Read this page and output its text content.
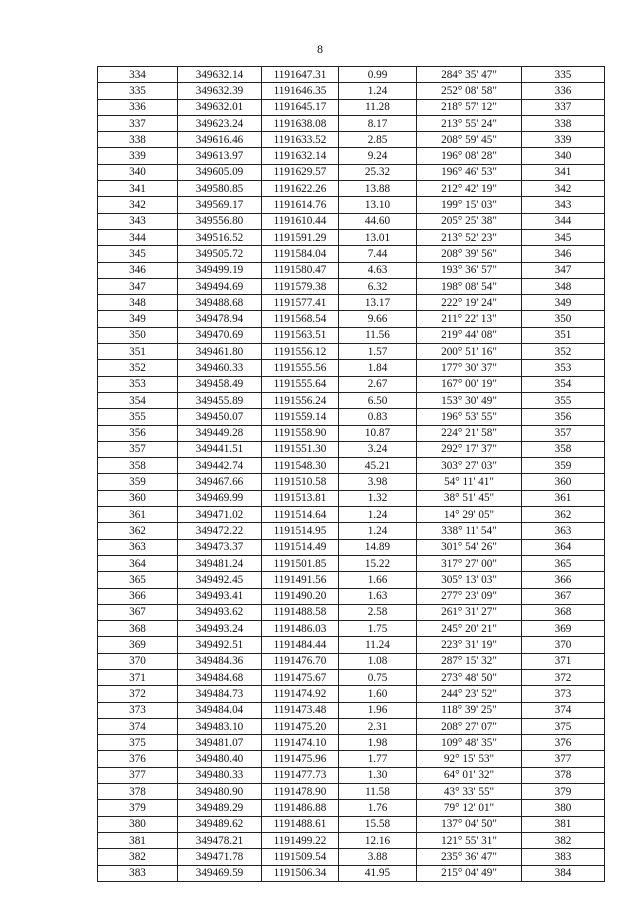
8
334	349632.14	1191647.31	0.99	284° 35' 47"	335
335	349632.39	1191646.35	1.24	252° 08' 58"	336
336	349632.01	1191645.17	11.28	218° 57' 12"	337
337	349623.24	1191638.08	8.17	213° 55' 24"	338
338	349616.46	1191633.52	2.85	208° 59' 45"	339
339	349613.97	1191632.14	9.24	196° 08' 28"	340
340	349605.09	1191629.57	25.32	196° 46' 53"	341
341	349580.85	1191622.26	13.88	212° 42' 19"	342
342	349569.17	1191614.76	13.10	199° 15' 03"	343
343	349556.80	1191610.44	44.60	205° 25' 38"	344
344	349516.52	1191591.29	13.01	213° 52' 23"	345
345	349505.72	1191584.04	7.44	208° 39' 56"	346
346	349499.19	1191580.47	4.63	193° 36' 57"	347
347	349494.69	1191579.38	6.32	198° 08' 54"	348
348	349488.68	1191577.41	13.17	222° 19' 24"	349
349	349478.94	1191568.54	9.66	211° 22' 13"	350
350	349470.69	1191563.51	11.56	219° 44' 08"	351
351	349461.80	1191556.12	1.57	200° 51' 16"	352
352	349460.33	1191555.56	1.84	177° 30' 37"	353
353	349458.49	1191555.64	2.67	167° 00' 19"	354
354	349455.89	1191556.24	6.50	153° 30' 49"	355
355	349450.07	1191559.14	0.83	196° 53' 55"	356
356	349449.28	1191558.90	10.87	224° 21' 58"	357
357	349441.51	1191551.30	3.24	292° 17' 37"	358
358	349442.74	1191548.30	45.21	303° 27' 03"	359
359	349467.66	1191510.58	3.98	54° 11' 41"	360
360	349469.99	1191513.81	1.32	38° 51' 45"	361
361	349471.02	1191514.64	1.24	14° 29' 05"	362
362	349472.22	1191514.95	1.24	338° 11' 54"	363
363	349473.37	1191514.49	14.89	301° 54' 26"	364
364	349481.24	1191501.85	15.22	317° 27' 00"	365
365	349492.45	1191491.56	1.66	305° 13' 03"	366
366	349493.41	1191490.20	1.63	277° 23' 09"	367
367	349493.62	1191488.58	2.58	261° 31' 27"	368
368	349493.24	1191486.03	1.75	245° 20' 21"	369
369	349492.51	1191484.44	11.24	223° 31' 19"	370
370	349484.36	1191476.70	1.08	287° 15' 32"	371
371	349484.68	1191475.67	0.75	273° 48' 50"	372
372	349484.73	1191474.92	1.60	244° 23' 52"	373
373	349484.04	1191473.48	1.96	118° 39' 25"	374
374	349483.10	1191475.20	2.31	208° 27' 07"	375
375	349481.07	1191474.10	1.98	109° 48' 35"	376
376	349480.40	1191475.96	1.77	92° 15' 53"	377
377	349480.33	1191477.73	1.30	64° 01' 32"	378
378	349480.90	1191478.90	11.58	43° 33' 55"	379
379	349489.29	1191486.88	1.76	79° 12' 01"	380
380	349489.62	1191488.61	15.58	137° 04' 50"	381
381	349478.21	1191499.22	12.16	121° 55' 31"	382
382	349471.78	1191509.54	3.88	235° 36' 47"	383
383	349469.59	1191506.34	41.95	215° 04' 49"	384
